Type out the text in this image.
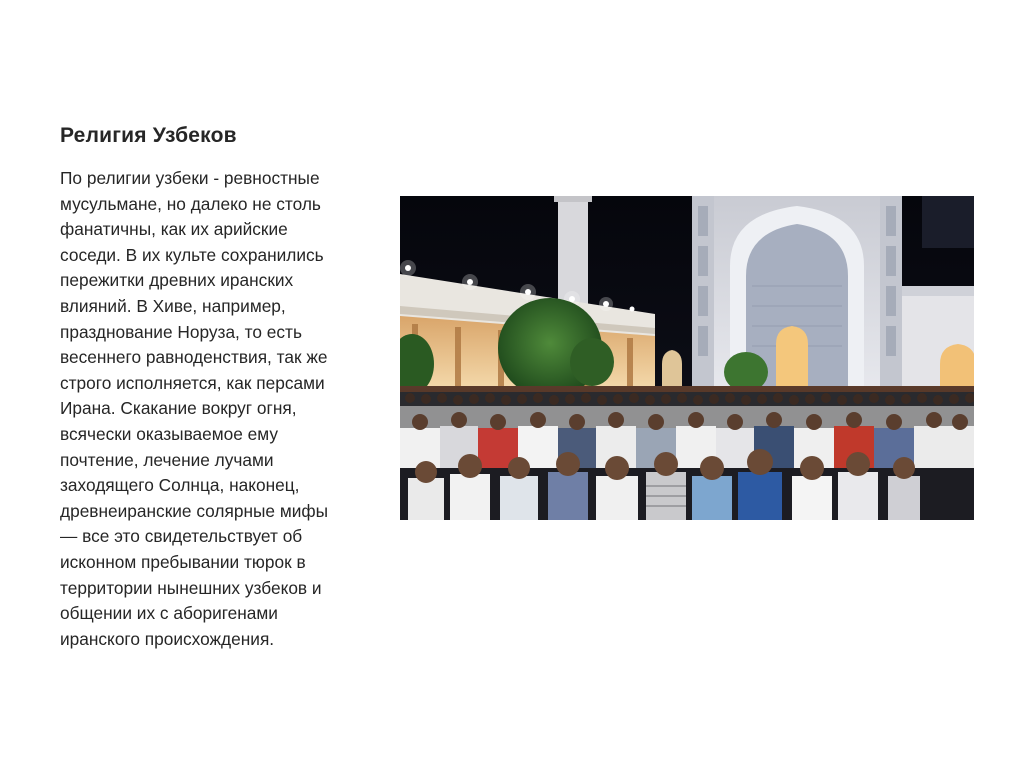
Религия Узбеков
По религии узбеки - ревностные
мусульмане, но далеко не столь
фанатичны, как их арийские
соседи. В их культе сохранились
пережитки древних иранских
влияний. В Хиве, например,
празднование Норуза, то есть
весеннего равноденствия, так же
строго исполняется, как персами
Ирана. Скакание вокруг огня,
всячески оказываемое ему
почтение, лечение лучами
заходящего Солнца, наконец,
древнеиранские солярные мифы
— все это свидетельствует об
исконном пребывании тюрок в
территории нынешних узбеков и
общении их с аборигенами
иранского происхождения.
